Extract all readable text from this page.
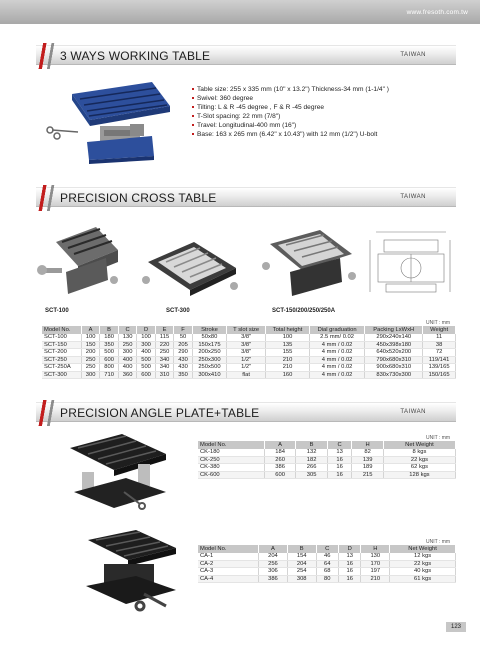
www.fresoth.com.tw
3 WAYS WORKING TABLE	TAIWAN
Table size: 255 x 335 mm (10" x 13.2") Thickness-34 mm (1-1/4" )
Swivel: 360 degree
Tilting: L & R -45 degree , F & R -45 degree
T-Slot spacing: 22 mm (7/8")
Travel: Longitudinal-400 mm (16")
Base: 163 x 265 mm (6.42" x 10.43") with 12 mm (1/2") U-bolt
PRECISION CROSS TABLE	TAIWAN
SCT-100	SCT-300	SCT-150/200/250/250A
UNIT : mm
Model No.	A	B	C	D	E	F	Stroke	T slot size	Total height	Dial graduation	Packing LxWxH	Weight
SCT-100	100	180	130	100	115	50	50x80	3/8"	100	2.5 mm/ 0.02	290x240x140	11
SCT-150	150	350	250	300	220	205	150x175	3/8"	135	4 mm / 0.02	450x398x180	38
SCT-200	200	500	300	400	250	290	200x250	3/8"	155	4 mm / 0.02	640x520x200	72
SCT-250	250	600	400	500	340	430	250x300	1/2"	210	4 mm / 0.02	790x680x310	119/141
SCT-250A	250	800	400	500	340	430	250x500	1/2"	210	4 mm / 0.02	900x680x310	139/165
SCT-300	300	710	360	600	310	350	300x410	flat	160	4 mm / 0.02	830x730x300	150/165
PRECISION ANGLE PLATE+TABLE	TAIWAN
UNIT : mm
Model No.	A	B	C	H	Net Weight
CK-180	184	132	13	82	8 kgs
CK-250	260	182	16	139	22 kgs
CK-380	386	266	16	189	62 kgs
CK-600	600	305	16	215	128 kgs
UNIT : mm
Model No.	A	B	C	D	H	Net Weight
CA-1	204	154	46	13	130	12 kgs
CA-2	256	204	64	16	170	22 kgs
CA-3	306	254	68	16	197	40 kgs
CA-4	386	308	80	16	210	61 kgs
123
